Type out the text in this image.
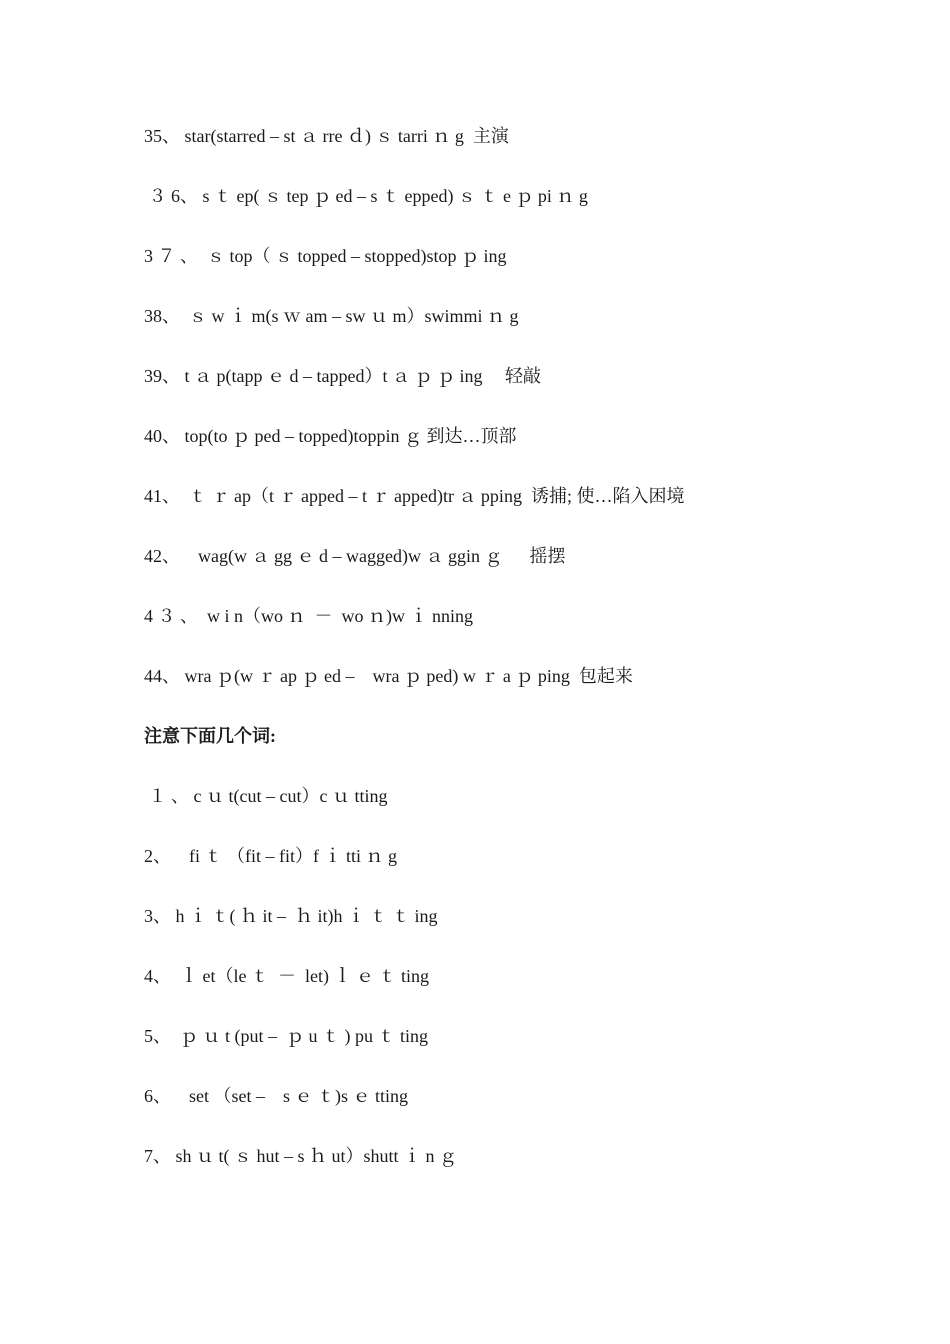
35、 star(starred – st ａ rre ｄ) ｓ tarri ｎ g  主演
３ 6、 s ｔ ep( ｓ tep ｐ ed – s ｔ epped) ｓ ｔ e ｐ pi ｎ g
3 ７ 、  ｓ top（ ｓ topped – stopped)stop ｐ ing
38、  ｓ w ｉ m(s ｗ am – sw ｕ m）swimmi ｎ g
39、 t ａ p(tapp ｅ d – tapped）t ａ ｐ ｐ ing     轻敲
40、 top(to ｐ ped – topped)toppin ｇ 到达…顶部
41、  ｔ ｒ ap（t ｒ apped – t ｒ apped)tr ａ pping  诱捕; 使…陷入困境
42、    wag(w ａ gg ｅ d – wagged)w ａ ggin ｇ      摇摆
4 ３ 、  w i n（wo ｎ  －  wo ｎ)w ｉ nning
44、 wra ｐ(w ｒ ap ｐ ed –    wra ｐ ped) w ｒ a ｐ ping  包起来
注意下面几个词:
１ 、 c ｕ t(cut – cut）c ｕ tting
2、    fi ｔ （fit – fit）f ｉ tti ｎ g
3、 h ｉ ｔ( ｈ it –  ｈ it)h ｉ ｔ ｔ ing
4、  ｌ et（le ｔ  －  let) ｌ ｅ ｔ ting
5、  ｐ ｕ t (put –  ｐ u ｔ ) pu ｔ ting
6、    set （set –    s ｅ ｔ)s ｅ tting
7、 sh ｕ t( ｓ hut – s ｈ ut）shutt ｉ n ｇ
